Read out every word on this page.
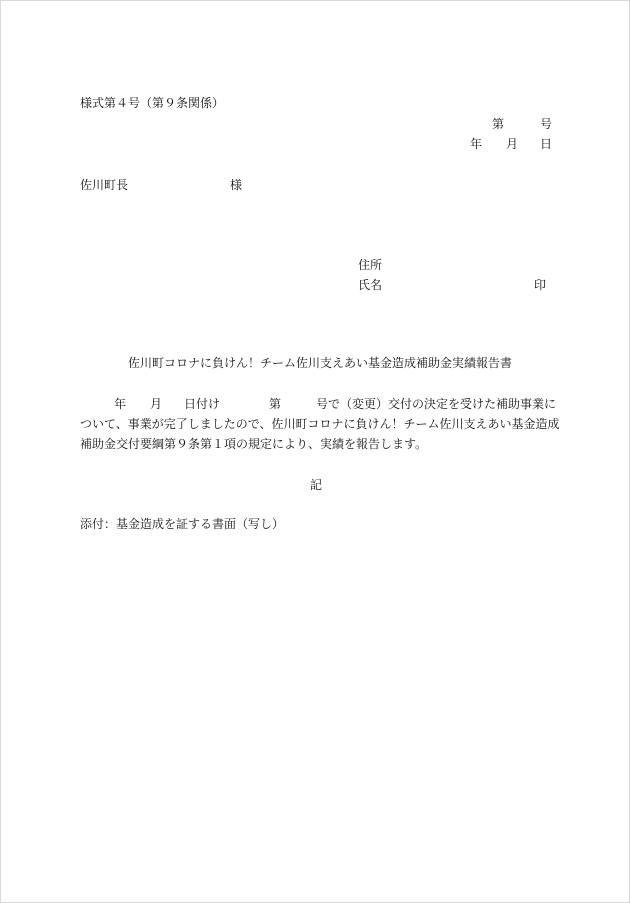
様式第４号（第９条関係）
第	号
年 月 日
佐川町長	様
住所
氏名	印
佐川町コロナに負けん！チーム佐川支えあい基金造成補助金実績報告書
年 月 日付け	第	号で（変更）交付の決定を受けた補助事業に
ついて、事業が完了しましたので、佐川町コロナに負けん！チーム佐川支えあい基金造成
補助金交付要綱第９条第１項の規定により、実績を報告します。
記
添付：基金造成を証する書面（写し）
